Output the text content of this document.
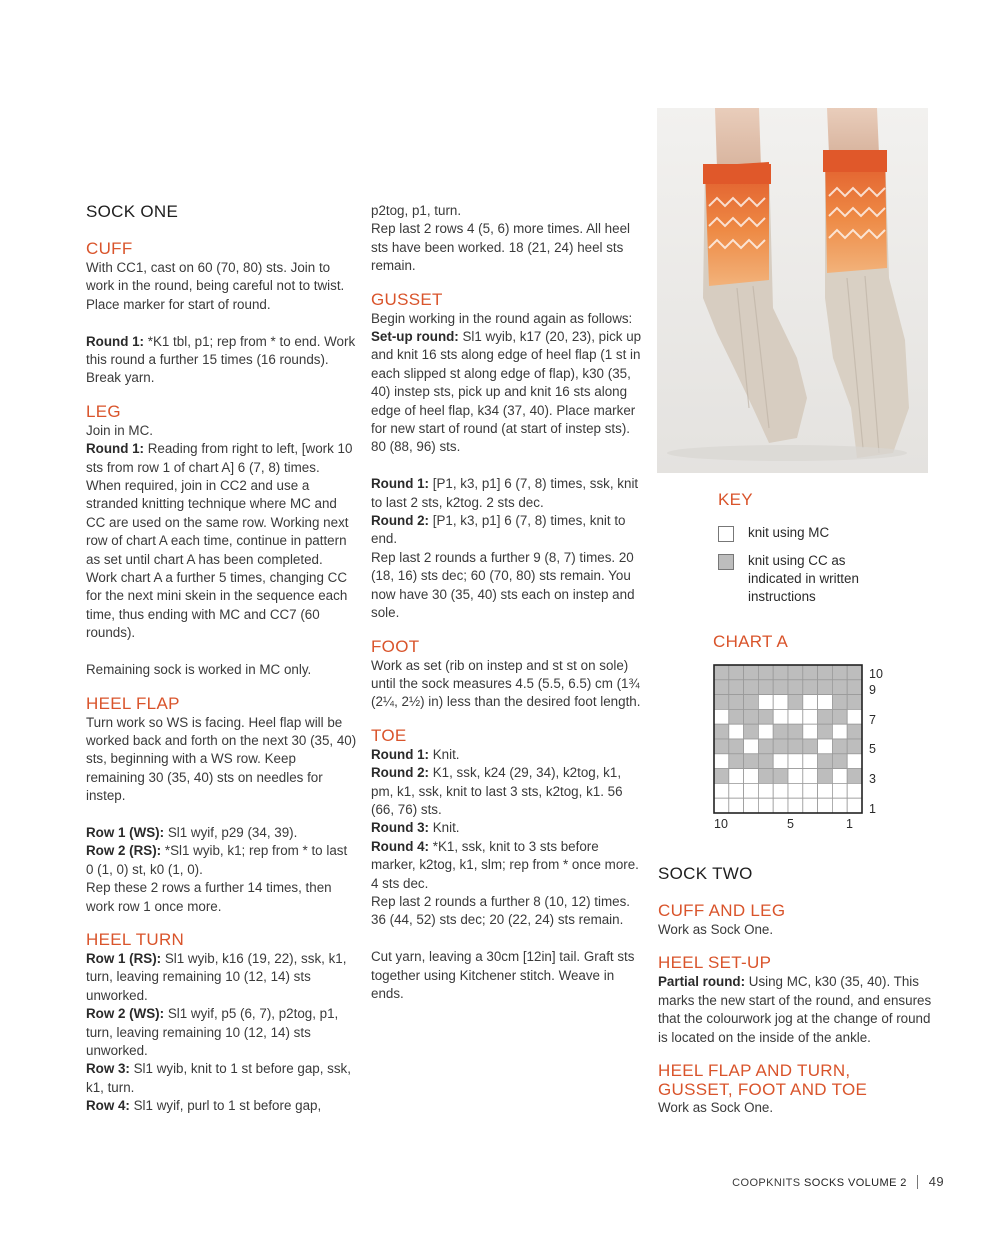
SOCK ONE
CUFF

With CC1, cast on 60 (70, 80) sts. Join to work in the round, being careful not to twist. Place marker for start of round.

Round 1: *K1 tbl, p1; rep from * to end. Work this round a further 15 times (16 rounds). Break yarn.

LEG

Join in MC.

Round 1: Reading from right to left, [work 10 sts from row 1 of chart A] 6 (7, 8) times. When required, join in CC2 and use a stranded knitting technique where MC and CC are used on the same row. Working next row of chart A each time, continue in pattern as set until chart A has been completed.

Work chart A a further 5 times, changing CC for the next mini skein in the sequence each time, thus ending with MC and CC7 (60 rounds).

Remaining sock is worked in MC only.

HEEL FLAP

Turn work so WS is facing. Heel flap will be worked back and forth on the next 30 (35, 40) sts, beginning with a WS row. Keep remaining 30 (35, 40) sts on needles for instep.

Row 1 (WS): Sl1 wyif, p29 (34, 39).

Row 2 (RS): *Sl1 wyib, k1; rep from * to last 0 (1, 0) st, k0 (1, 0).

Rep these 2 rows a further 14 times, then work row 1 once more.

HEEL TURN

Row 1 (RS): Sl1 wyib, k16 (19, 22), ssk, k1, turn, leaving remaining 10 (12, 14) sts unworked.

Row 2 (WS): Sl1 wyif, p5 (6, 7), p2tog, p1, turn, leaving remaining 10 (12, 14) sts unworked.

Row 3: Sl1 wyib, knit to 1 st before gap, ssk, k1, turn.

Row 4: Sl1 wyif, purl to 1 st before gap,

p2tog, p1, turn.

Rep last 2 rows 4 (5, 6) more times. All heel sts have been worked. 18 (21, 24) heel sts remain.

GUSSET

Begin working in the round again as follows:

Set-up round: Sl1 wyib, k17 (20, 23), pick up and knit 16 sts along edge of heel flap (1 st in each slipped st along edge of flap), k30 (35, 40) instep sts, pick up and knit 16 sts along edge of heel flap, k34 (37, 40). Place marker for new start of round (at start of instep sts). 80 (88, 96) sts.

Round 1: [P1, k3, p1] 6 (7, 8) times, ssk, knit to last 2 sts, k2tog. 2 sts dec.

Round 2: [P1, k3, p1] 6 (7, 8) times, knit to end.

Rep last 2 rounds a further 9 (8, 7) times. 20 (18, 16) sts dec; 60 (70, 80) sts remain. You now have 30 (35, 40) sts each on instep and sole.

FOOT

Work as set (rib on instep and st st on sole) until the sock measures 4.5 (5.5, 6.5) cm (1¾ (2¼, 2½) in) less than the desired foot length.

TOE

Round 1: Knit.

Round 2: K1, ssk, k24 (29, 34), k2tog, k1, pm, k1, ssk, knit to last 3 sts, k2tog, k1. 56 (66, 76) sts.

Round 3: Knit.

Round 4: *K1, ssk, knit to 3 sts before marker, k2tog, k1, slm; rep from * once more. 4 sts dec.

Rep last 2 rounds a further 8 (10, 12) times. 36 (44, 52) sts dec; 20 (22, 24) sts remain.

Cut yarn, leaving a 30cm [12in] tail. Graft sts together using Kitchener stitch. Weave in ends.

KEY
knit using MC
knit using CC as indicated in written instructions
CHART A
10
9
7
5
3
1
10	5	1
SOCK TWO
CUFF AND LEG

Work as Sock One.

HEEL SET-UP

Partial round: Using MC, k30 (35, 40). This marks the new start of the round, and ensures that the colourwork jog at the change of round is located on the inside of the ankle.

HEEL FLAP AND TURN, GUSSET, FOOT AND TOE

Work as Sock One.

COOPKNITS SOCKS VOLUME 2 49
